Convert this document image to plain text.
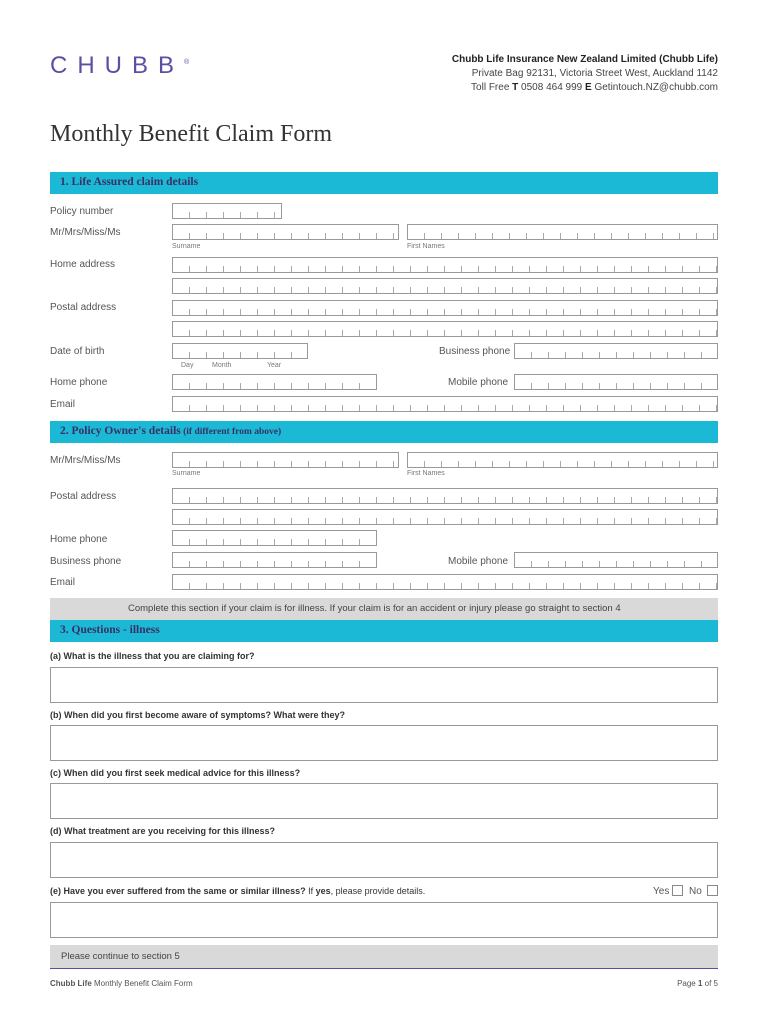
CHUBB®	Chubb Life Insurance New Zealand Limited (Chubb Life)
Private Bag 92131, Victoria Street West, Auckland 1142
Toll Free T 0508 464 999 E Getintouch.NZ@chubb.com
Monthly Benefit Claim Form
1. Life Assured claim details
Policy number
Mr/Mrs/Miss/Ms
Surname	First Names
Home address
Postal address
Date of birth
Day	Month	Year
Business phone
Home phone	Mobile phone
Email
2. Policy Owner's details (if different from above)
Mr/Mrs/Miss/Ms
Surname	First Names
Postal address
Home phone
Business phone	Mobile phone
Email
Complete this section if your claim is for illness. If your claim is for an accident or injury please go straight to section 4
3. Questions - illness
(a) What is the illness that you are claiming for?
(b) When did you first become aware of symptoms? What were they?
(c) When did you first seek medical advice for this illness?
(d) What treatment are you receiving for this illness?
(e) Have you ever suffered from the same or similar illness? If yes, please provide details.	Yes No
Please continue to section 5
Chubb Life Monthly Benefit Claim Form	Page 1 of 5
